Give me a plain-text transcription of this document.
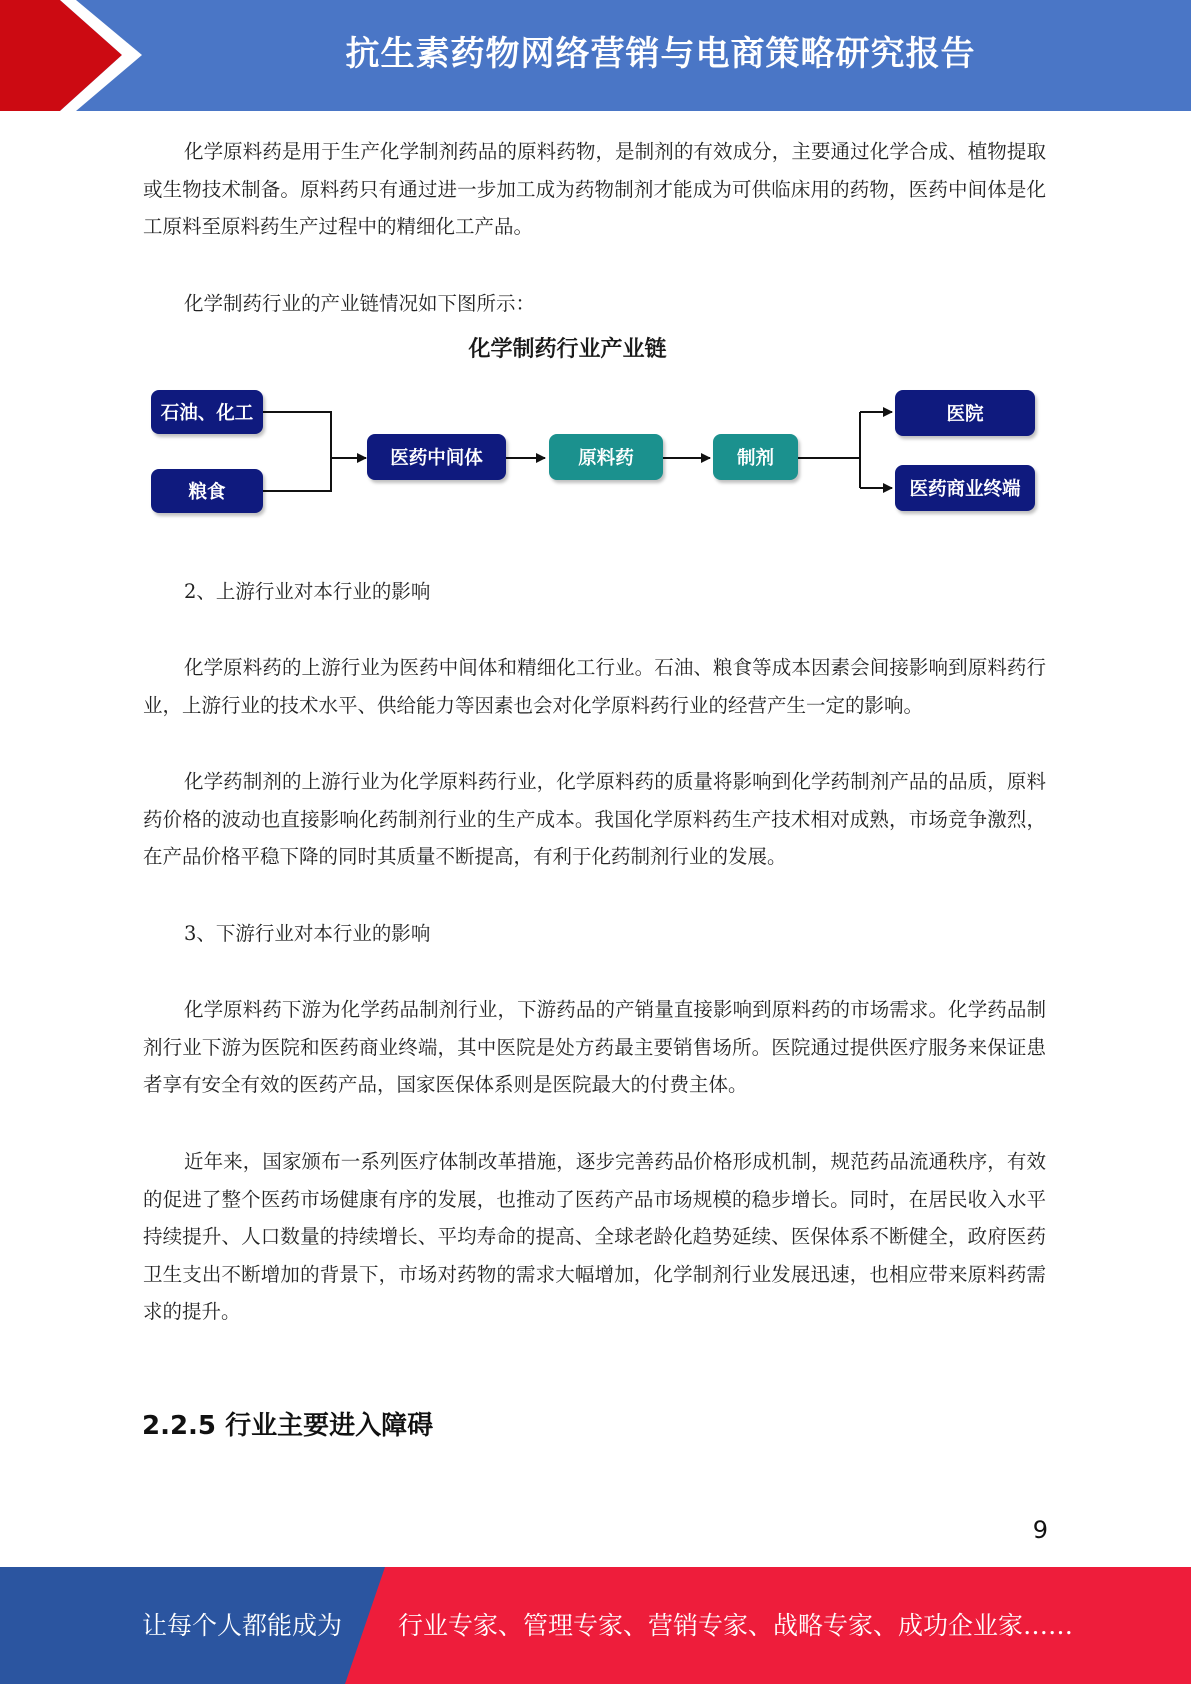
抗生素药物网络营销与电商策略研究报告
化学原料药是用于生产化学制剂药品的原料药物，是制剂的有效成分，主要通过化学合成、植物提取或生物技术制备。原料药只有通过进一步加工成为药物制剂才能成为可供临床用的药物，医药中间体是化工原料至原料药生产过程中的精细化工产品。
化学制药行业的产业链情况如下图所示：
化学制药行业产业链
石油、化工
粮食
医药中间体	原料药	制剂
医院
医药商业终端
2、上游行业对本行业的影响
化学原料药的上游行业为医药中间体和精细化工行业。石油、粮食等成本因素会间接影响到原料药行业，上游行业的技术水平、供给能力等因素也会对化学原料药行业的经营产生一定的影响。
化学药制剂的上游行业为化学原料药行业，化学原料药的质量将影响到化学药制剂产品的品质，原料药价格的波动也直接影响化药制剂行业的生产成本。我国化学原料药生产技术相对成熟，市场竞争激烈，在产品价格平稳下降的同时其质量不断提高，有利于化药制剂行业的发展。
3、下游行业对本行业的影响
化学原料药下游为化学药品制剂行业，下游药品的产销量直接影响到原料药的市场需求。化学药品制剂行业下游为医院和医药商业终端，其中医院是处方药最主要销售场所。医院通过提供医疗服务来保证患者享有安全有效的医药产品，国家医保体系则是医院最大的付费主体。
近年来，国家颁布一系列医疗体制改革措施，逐步完善药品价格形成机制，规范药品流通秩序，有效的促进了整个医药市场健康有序的发展，也推动了医药产品市场规模的稳步增长。同时，在居民收入水平持续提升、人口数量的持续增长、平均寿命的提高、全球老龄化趋势延续、医保体系不断健全，政府医药卫生支出不断增加的背景下，市场对药物的需求大幅增加，化学制剂行业发展迅速，也相应带来原料药需求的提升。
2.2.5 行业主要进入障碍
9
让每个人都能成为 行业专家、管理专家、营销专家、战略专家、成功企业家……
